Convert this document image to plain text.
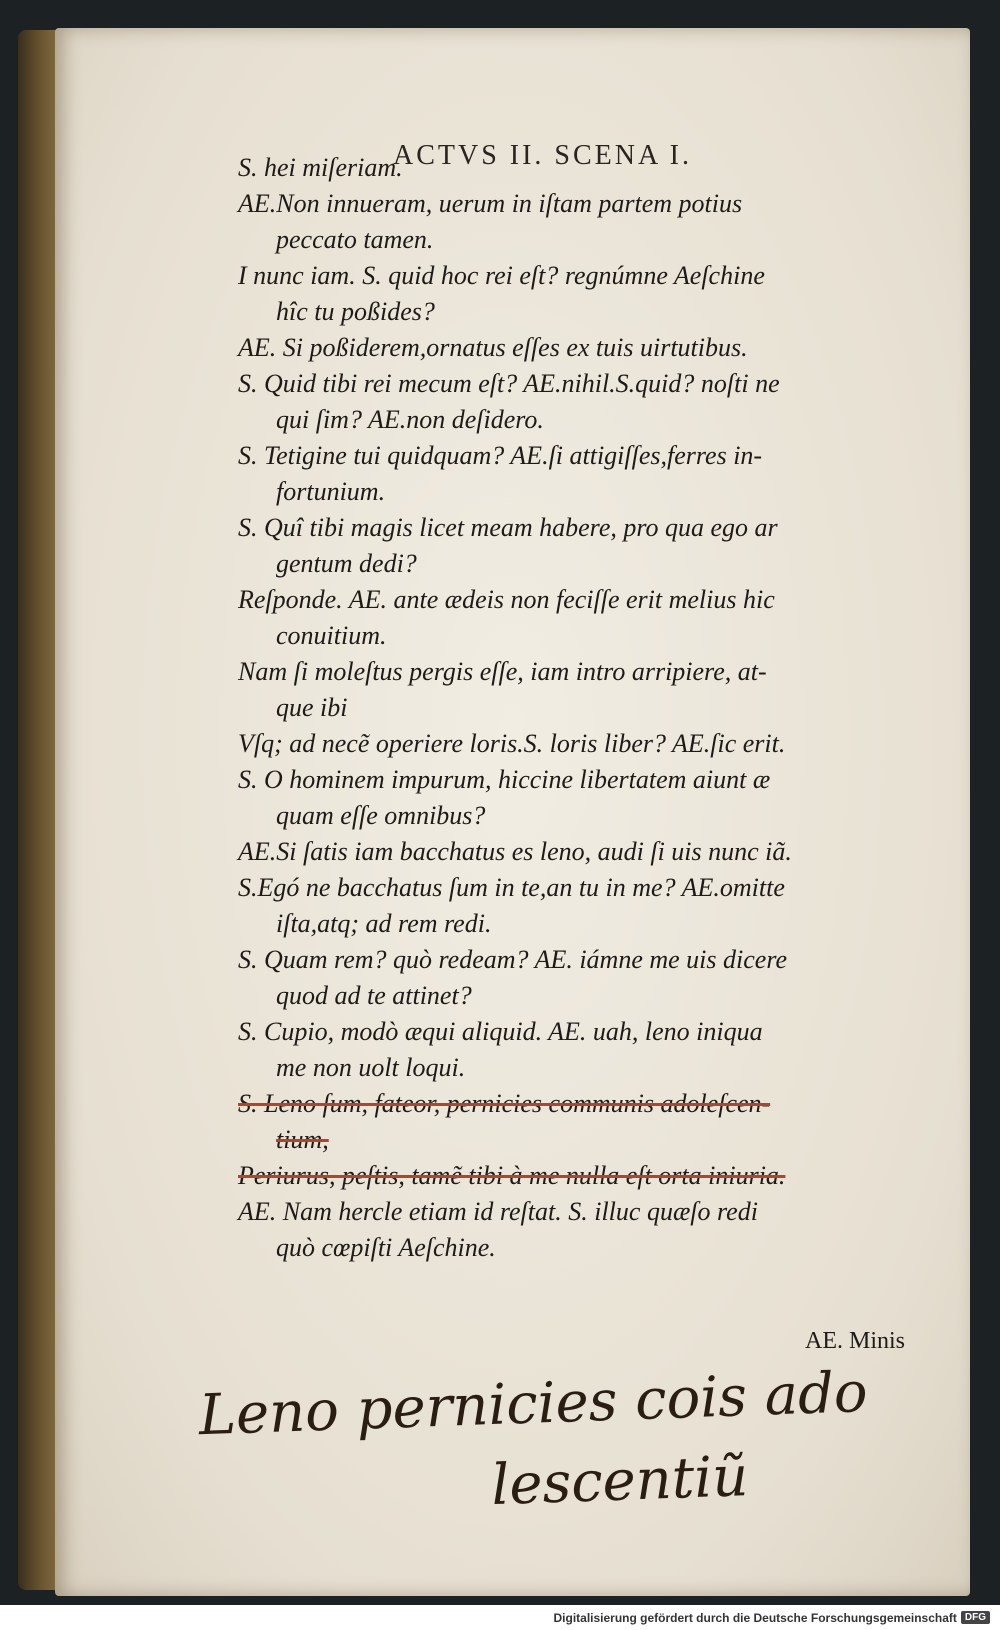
ACTVS II. SCENA I.
AE. Minis
Leno pernicies cois ado
lescentiũ
S. hei miſeriam.
AE.Non innueram, uerum in iſtam partem potius
peccato tamen.
I nunc iam. S. quid hoc rei eſt? regnúmne Aeſchine
hîc tu poßides?
AE. Si poßiderem,ornatus eſſes ex tuis uirtutibus.
S. Quid tibi rei mecum eſt? AE.nihil.S.quid? noſti ne
qui ſim? AE.non deſidero.
S. Tetigine tui quidquam? AE.ſi attigiſſes,ferres in-
fortunium.
S. Quî tibi magis licet meam habere, pro qua ego ar
gentum dedi?
Reſponde. AE. ante ædeis non feciſſe erit melius hic
conuitium.
Nam ſi moleſtus pergis eſſe, iam intro arripiere, at-
que ibi
Vſq; ad necẽ operiere loris.S. loris liber? AE.ſic erit.
S. O hominem impurum, hiccine libertatem aiunt æ
quam eſſe omnibus?
AE.Si ſatis iam bacchatus es leno, audi ſi uis nunc iã.
S.Egó ne bacchatus ſum in te,an tu in me? AE.omitte
iſta,atq; ad rem redi.
S. Quam rem? quò redeam? AE. iámne me uis dicere
quod ad te attinet?
S. Cupio, modò æqui aliquid. AE. uah, leno iniqua
me non uolt loqui.
S. Leno ſum, fateor, pernicies communis adoleſcen-
tium,
Periurus, peſtis, tamẽ tibi à me nulla eſt orta iniuria.
AE. Nam hercle etiam id reſtat. S. illuc quæſo redi
quò cœpiſti Aeſchine.
Digitalisierung gefördert durch die Deutsche Forschungsgemeinschaft DFG
